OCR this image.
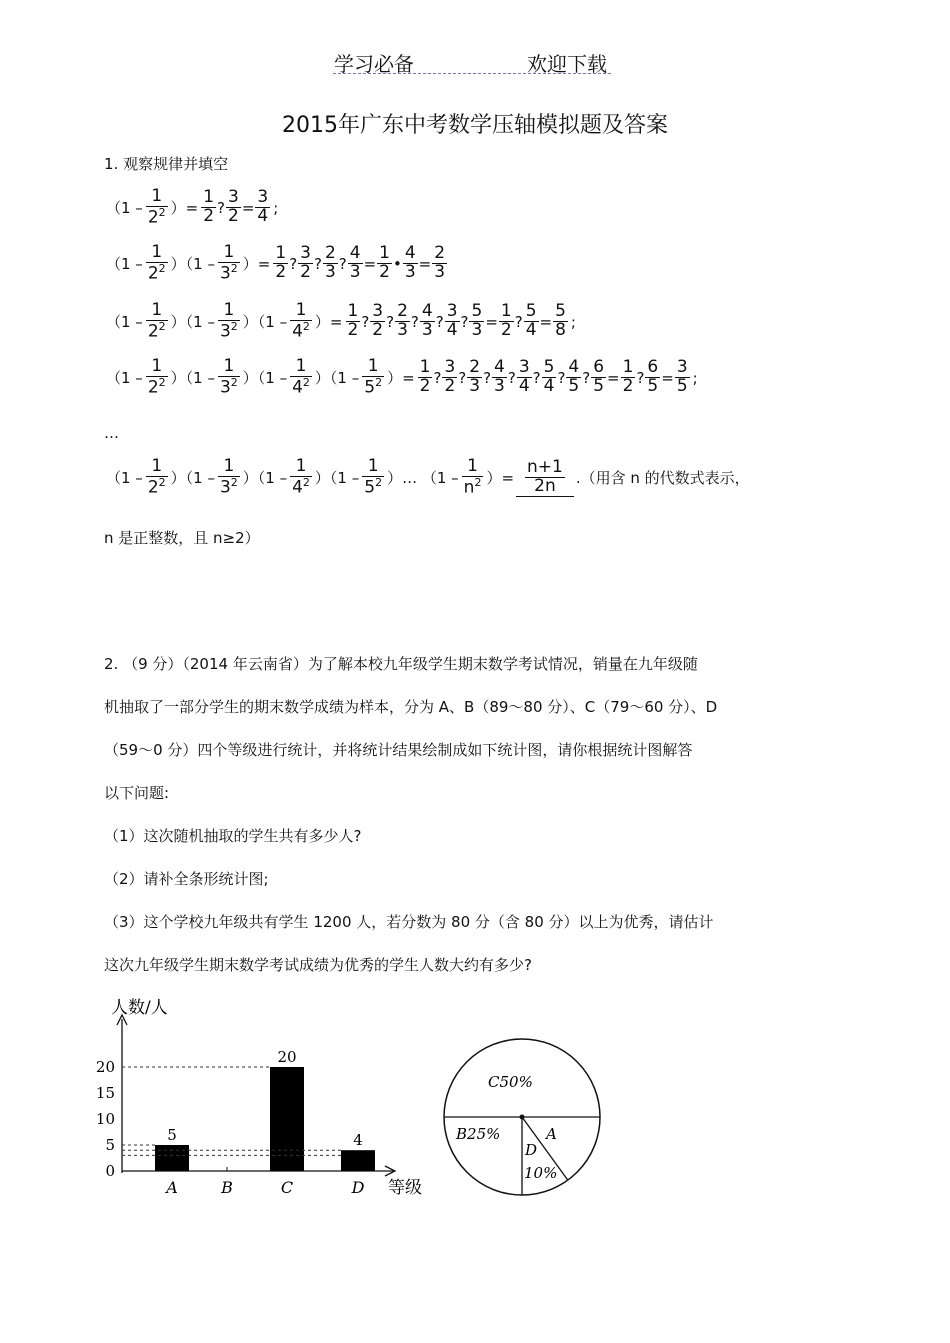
学习必备	欢迎下载
2015年广东中考数学压轴模拟题及答案
1. 观察规律并填空
（$1 - \frac{1}{2^2}$ ）= $\frac{1}{2}$ ? $\frac{3}{2} = \frac{3}{4}$ ;
$(1 - \frac{1}{2^2} )(1 - \frac{1}{3^2}$ ）= $\frac{1}{2}$ ? $\frac{3}{2}$ ? $\frac{2}{3}$ ? $\frac{4}{3} = \frac{1}{2}$ • $\frac{4}{3} = \frac{2}{3}$
$(1 - \frac{1}{2^2} )(1 - \frac{1}{3^2} )(1 - \frac{1}{4^2}$ ）= $\frac{1}{2}$ ? $\frac{3}{2}$ ? $\frac{2}{3}$ ? $\frac{4}{3}$ ? $\frac{3}{4}$ ? $\frac{5}{3} = \frac{1}{2}$ ? $\frac{5}{4} = \frac{5}{8}$ ;
$(1 - \frac{1}{2^2} )(1 - \frac{1}{3^2} )(1 - \frac{1}{4^2} )(1 - \frac{1}{5^2}$ ）= $\frac{1}{2}$ ? $\frac{3}{2}$ ? $\frac{2}{3}$ ? $\frac{4}{3}$ ? $\frac{3}{4}$ ? $\frac{5}{4}$ ? $\frac{4}{5}$ ? $\frac{6}{5} = \frac{1}{2}$ ? $\frac{6}{5} = \frac{3}{5}$ ;
…
$(1 - \frac{1}{2^2} )(1 - \frac{1}{3^2} )(1 - \frac{1}{4^2} )(1 - \frac{1}{5^2}$ ）… （$1 - \frac{1}{n^2}$ ）= $\frac{n+1}{2n}$ .（用含 n 的代数式表示，
n 是正整数，且 n≥2）
2. （9 分）（2014 年云南省）为了解本校九年级学生期末数学考试情况，销量在九年级随
机抽取了一部分学生的期末数学成绩为样本，分为 A、B（89～80 分）、C（79～60 分）、D
（59～0 分）四个等级进行统计，并将统计结果绘制成如下统计图，请你根据统计图解答
以下问题:
（1）这次随机抽取的学生共有多少人?
（2）请补全条形统计图;
（3）这个学校九年级共有学生 1200 人，若分数为 80 分（含 80 分）以上为优秀，请估计
这次九年级学生期末数学考试成绩为优秀的学生人数大约有多少?
人数/人
等级
0
5
10
15
20
A
5
B	C
20
D
4
C50%
B25%
D
10%
A
